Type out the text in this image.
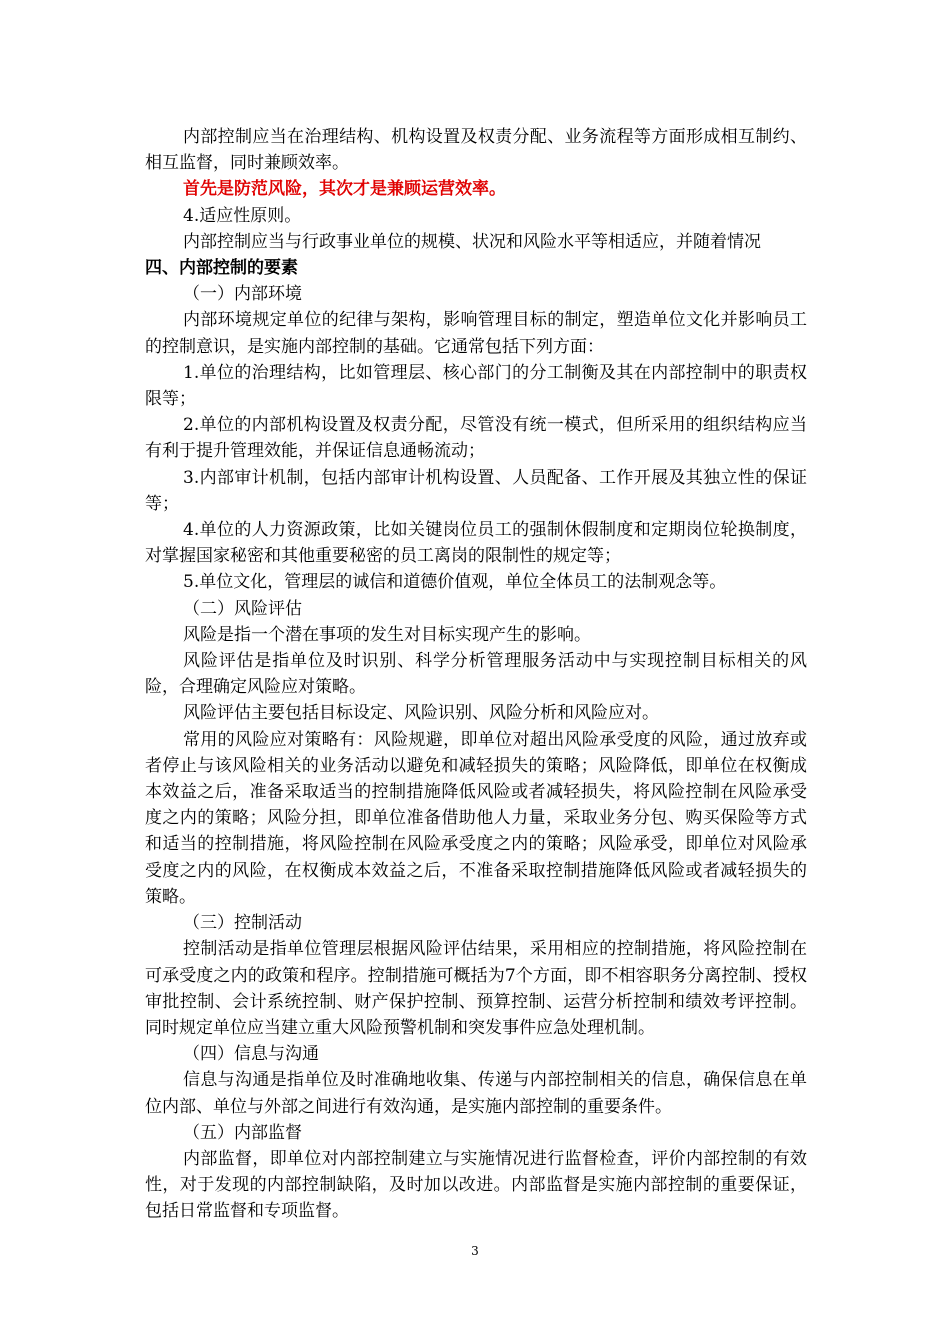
内部控制应当在治理结构、机构设置及权责分配、业务流程等方面形成相互制约、相互监督，同时兼顾效率。

首先是防范风险，其次才是兼顾运营效率。

4.适应性原则。

内部控制应当与行政事业单位的规模、状况和风险水平等相适应，并随着情况

四、内部控制的要素

（一）内部环境

内部环境规定单位的纪律与架构，影响管理目标的制定，塑造单位文化并影响员工的控制意识，是实施内部控制的基础。它通常包括下列方面：

1.单位的治理结构，比如管理层、核心部门的分工制衡及其在内部控制中的职责权限等；

2.单位的内部机构设置及权责分配，尽管没有统一模式，但所采用的组织结构应当有利于提升管理效能，并保证信息通畅流动；

3.内部审计机制，包括内部审计机构设置、人员配备、工作开展及其独立性的保证等；

4.单位的人力资源政策，比如关键岗位员工的强制休假制度和定期岗位轮换制度，对掌握国家秘密和其他重要秘密的员工离岗的限制性的规定等；

5.单位文化，管理层的诚信和道德价值观，单位全体员工的法制观念等。

（二）风险评估

风险是指一个潜在事项的发生对目标实现产生的影响。

风险评估是指单位及时识别、科学分析管理服务活动中与实现控制目标相关的风险，合理确定风险应对策略。

风险评估主要包括目标设定、风险识别、风险分析和风险应对。

常用的风险应对策略有：风险规避，即单位对超出风险承受度的风险，通过放弃或者停止与该风险相关的业务活动以避免和减轻损失的策略；风险降低，即单位在权衡成本效益之后，准备采取适当的控制措施降低风险或者减轻损失，将风险控制在风险承受度之内的策略；风险分担，即单位准备借助他人力量，采取业务分包、购买保险等方式和适当的控制措施，将风险控制在风险承受度之内的策略；风险承受，即单位对风险承受度之内的风险，在权衡成本效益之后，不准备采取控制措施降低风险或者减轻损失的策略。

（三）控制活动

控制活动是指单位管理层根据风险评估结果，采用相应的控制措施，将风险控制在可承受度之内的政策和程序。控制措施可概括为7个方面，即不相容职务分离控制、授权审批控制、会计系统控制、财产保护控制、预算控制、运营分析控制和绩效考评控制。同时规定单位应当建立重大风险预警机制和突发事件应急处理机制。

（四）信息与沟通

信息与沟通是指单位及时准确地收集、传递与内部控制相关的信息，确保信息在单位内部、单位与外部之间进行有效沟通，是实施内部控制的重要条件。

（五）内部监督

内部监督，即单位对内部控制建立与实施情况进行监督检查，评价内部控制的有效性，对于发现的内部控制缺陷，及时加以改进。内部监督是实施内部控制的重要保证，包括日常监督和专项监督。

3
